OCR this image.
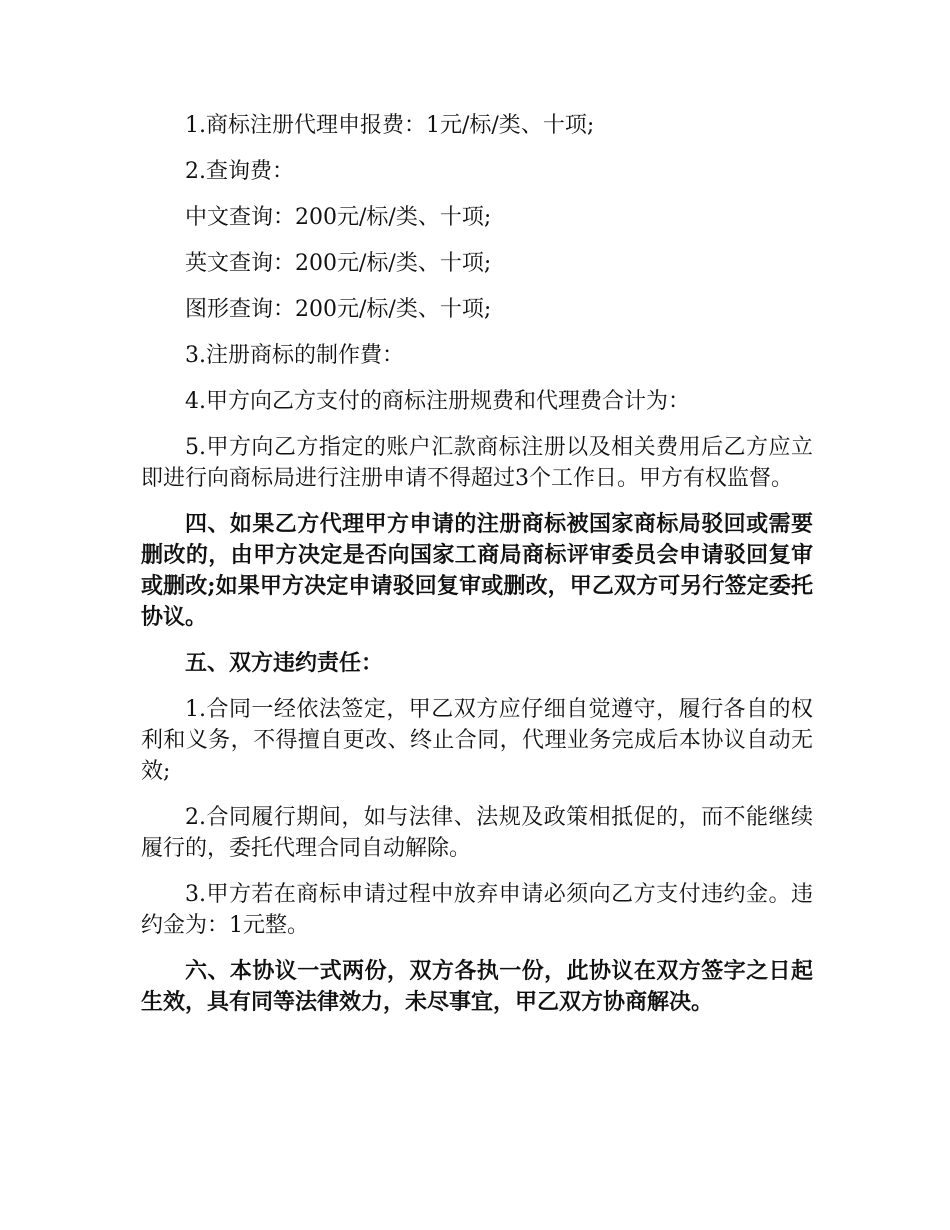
1.商标注册代理申报费：1元/标/类、十项;

2.查询费：

中文查询：200元/标/类、十项;

英文查询：200元/标/类、十项;

图形查询：200元/标/类、十项;

3.注册商标的制作費：

4.甲方向乙方支付的商标注册规费和代理费合计为：

5.甲方向乙方指定的账户汇款商标注册以及相关费用后乙方应立即进行向商标局进行注册申请不得超过3个工作日。甲方有权监督。

四、如果乙方代理甲方申请的注册商标被国家商标局驳回或需要删改的，由甲方决定是否向国家工商局商标评审委员会申请驳回复审或删改;如果甲方决定申请驳回复审或删改，甲乙双方可另行签定委托协议。

五、双方违约责任：

1.合同一经依法签定，甲乙双方应仔细自觉遵守，履行各自的权利和义务，不得擅自更改、终止合同，代理业务完成后本协议自动无效;

2.合同履行期间，如与法律、法规及政策相抵促的，而不能继续履行的，委托代理合同自动解除。

3.甲方若在商标申请过程中放弃申请必须向乙方支付违约金。违约金为：1元整。

六、本协议一式两份，双方各执一份，此协议在双方签字之日起生效，具有同等法律效力，未尽事宜，甲乙双方协商解决。
